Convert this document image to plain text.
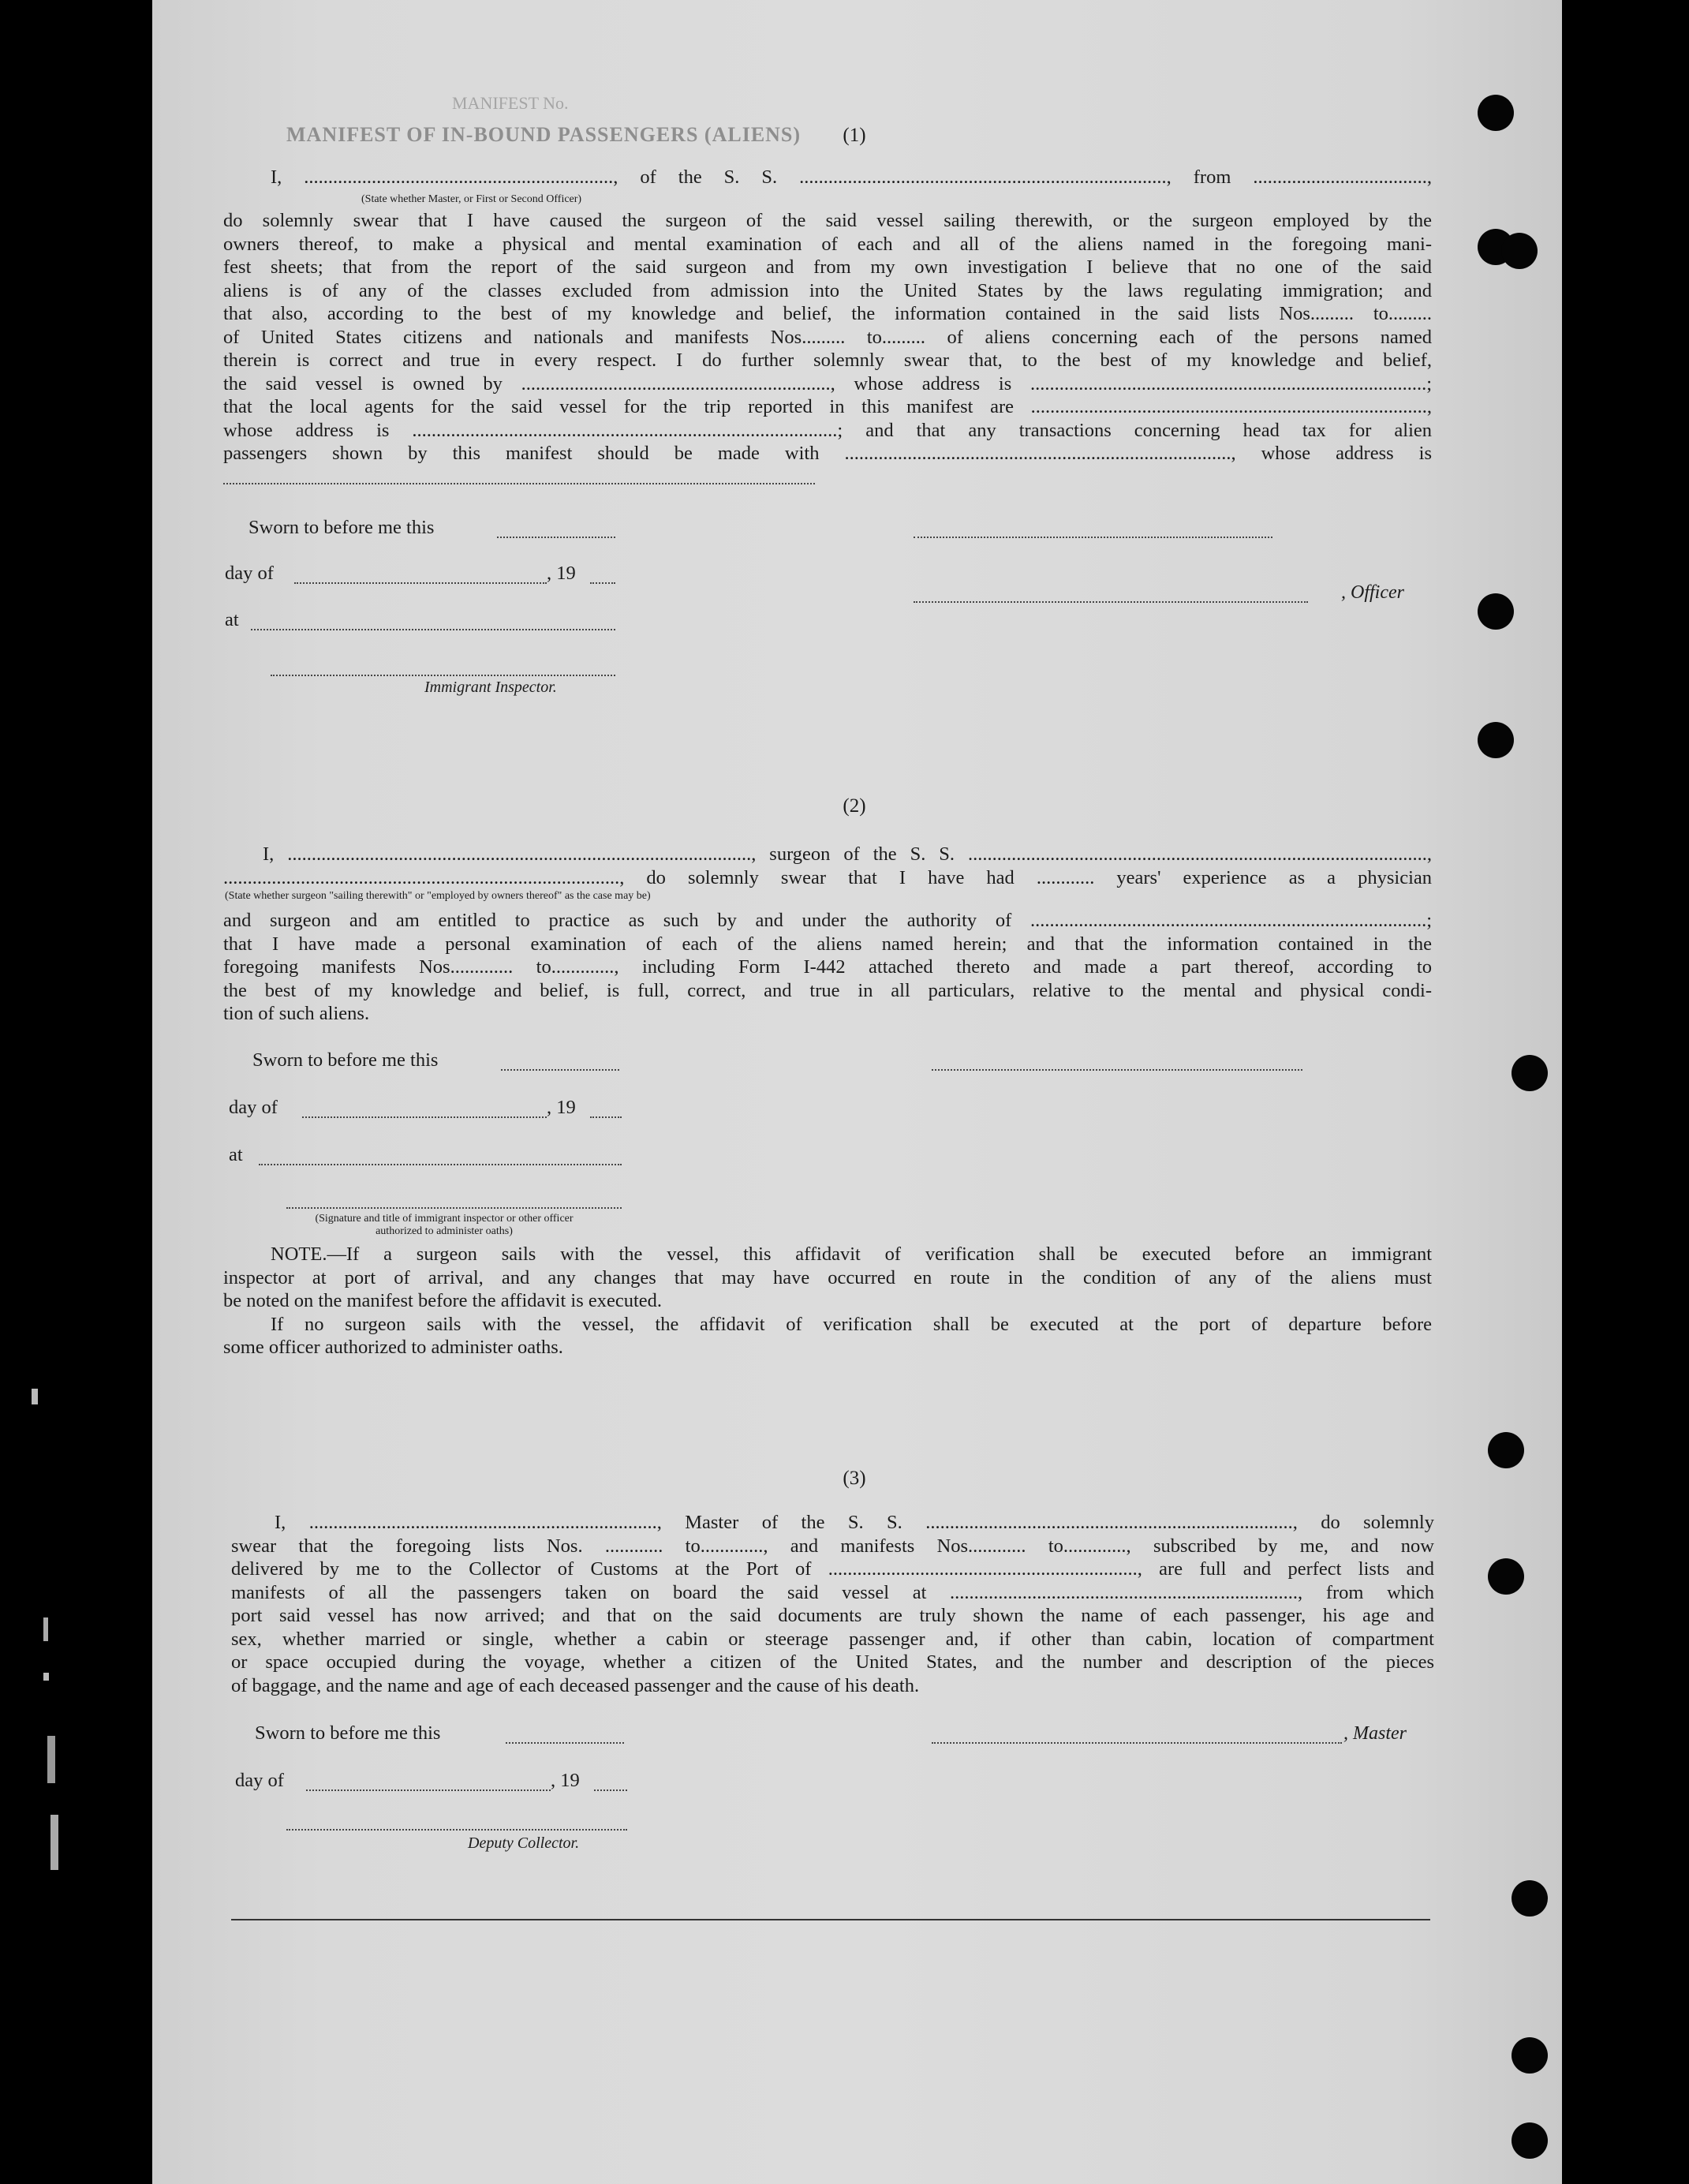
MANIFEST No.
MANIFEST OF IN-BOUND PASSENGERS (ALIENS)	(1)

I, ................................................................, of the S. S. ............................................................................, from ....................................,

(State whether Master, or First or Second Officer)

do solemnly swear that I have caused the surgeon of the said vessel sailing therewith, or the surgeon employed by the

owners thereof, to make a physical and mental examination of each and all of the aliens named in the foregoing mani-

fest sheets; that from the report of the said surgeon and from my own investigation I believe that no one of the said

aliens is of any of the classes excluded from admission into the United States by the laws regulating immigration; and

that also, according to the best of my knowledge and belief, the information contained in the said lists Nos......... to.........

of United States citizens and nationals and manifests Nos......... to......... of aliens concerning each of the persons named

therein is correct and true in every respect. I do further solemnly swear that, to the best of my knowledge and belief,

the said vessel is owned by ................................................................, whose address is ..................................................................................;

that the local agents for the said vessel for the trip reported in this manifest are ..................................................................................,

whose address is ........................................................................................; and that any transactions concerning head tax for alien

passengers shown by this manifest should be made with ................................................................................, whose address is

Sworn to before me this
day of	, 19
at
Immigrant Inspector.
, Officer
(2)

I, ................................................................................................, surgeon of the S. S. ...............................................................................................,

.................................................................................., do solemnly swear that I have had ............ years' experience as a physician

(State whether surgeon "sailing therewith" or "employed by owners thereof" as the case may be)

and surgeon and am entitled to practice as such by and under the authority of ..................................................................................;

that I have made a personal examination of each of the aliens named herein; and that the information contained in the

foregoing manifests Nos............. to............., including Form I-442 attached thereto and made a part thereof, according to

the best of my knowledge and belief, is full, correct, and true in all particulars, relative to the mental and physical condi-

tion of such aliens.

Sworn to before me this
day of	, 19
at
(Signature and title of immigrant inspector or other officer authorized to administer oaths)

NOTE.—If a surgeon sails with the vessel, this affidavit of verification shall be executed before an immigrant

inspector at port of arrival, and any changes that may have occurred en route in the condition of any of the aliens must

be noted on the manifest before the affidavit is executed.

If no surgeon sails with the vessel, the affidavit of verification shall be executed at the port of departure before

some officer authorized to administer oaths.

(3)

I, ........................................................................, Master of the S. S. ............................................................................, do solemnly

swear that the foregoing lists Nos. ............ to............., and manifests Nos............ to............., subscribed by me, and now

delivered by me to the Collector of Customs at the Port of ................................................................, are full and perfect lists and

manifests of all the passengers taken on board the said vessel at ........................................................................, from which

port said vessel has now arrived; and that on the said documents are truly shown the name of each passenger, his age and

sex, whether married or single, whether a cabin or steerage passenger and, if other than cabin, location of compartment

or space occupied during the voyage, whether a citizen of the United States, and the number and description of the pieces

of baggage, and the name and age of each deceased passenger and the cause of his death.

Sworn to before me this	, Master
day of	, 19
Deputy Collector.
